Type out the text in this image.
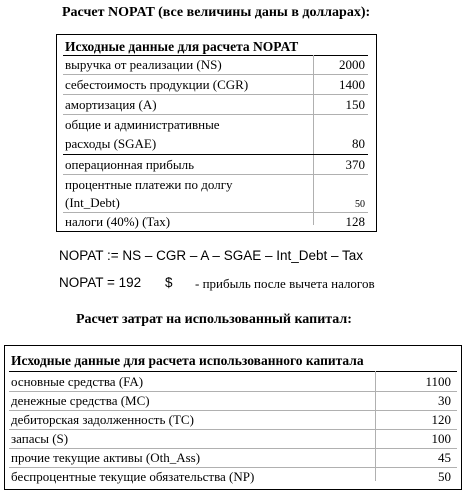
Расчет NOPAT (все величины даны в долларах):
Исходные данные для расчета NOPAT
выручка от реализации (NS)	2000
себестоимость продукции (CGR)	1400
амортизация (A)	150
общие и административные
расходы (SGAE)	80
операционная прибыль	370
процентные платежи по долгу
(Int_Debt)	50
налоги (40%) (Tax)	128
NOPAT := NS – CGR – A – SGAE – Int_Debt – Tax
NOPAT = 192 $ - прибыль после вычета налогов
Расчет затрат на использованный капитал:
Исходные данные для расчета использованного капитала
основные средства (FA)	1100
денежные средства (MC)	30
дебиторская задолженность (TC)	120
запасы (S)	100
прочие текущие активы (Oth_Ass)	45
беспроцентные текущие обязательства (NP)	50
